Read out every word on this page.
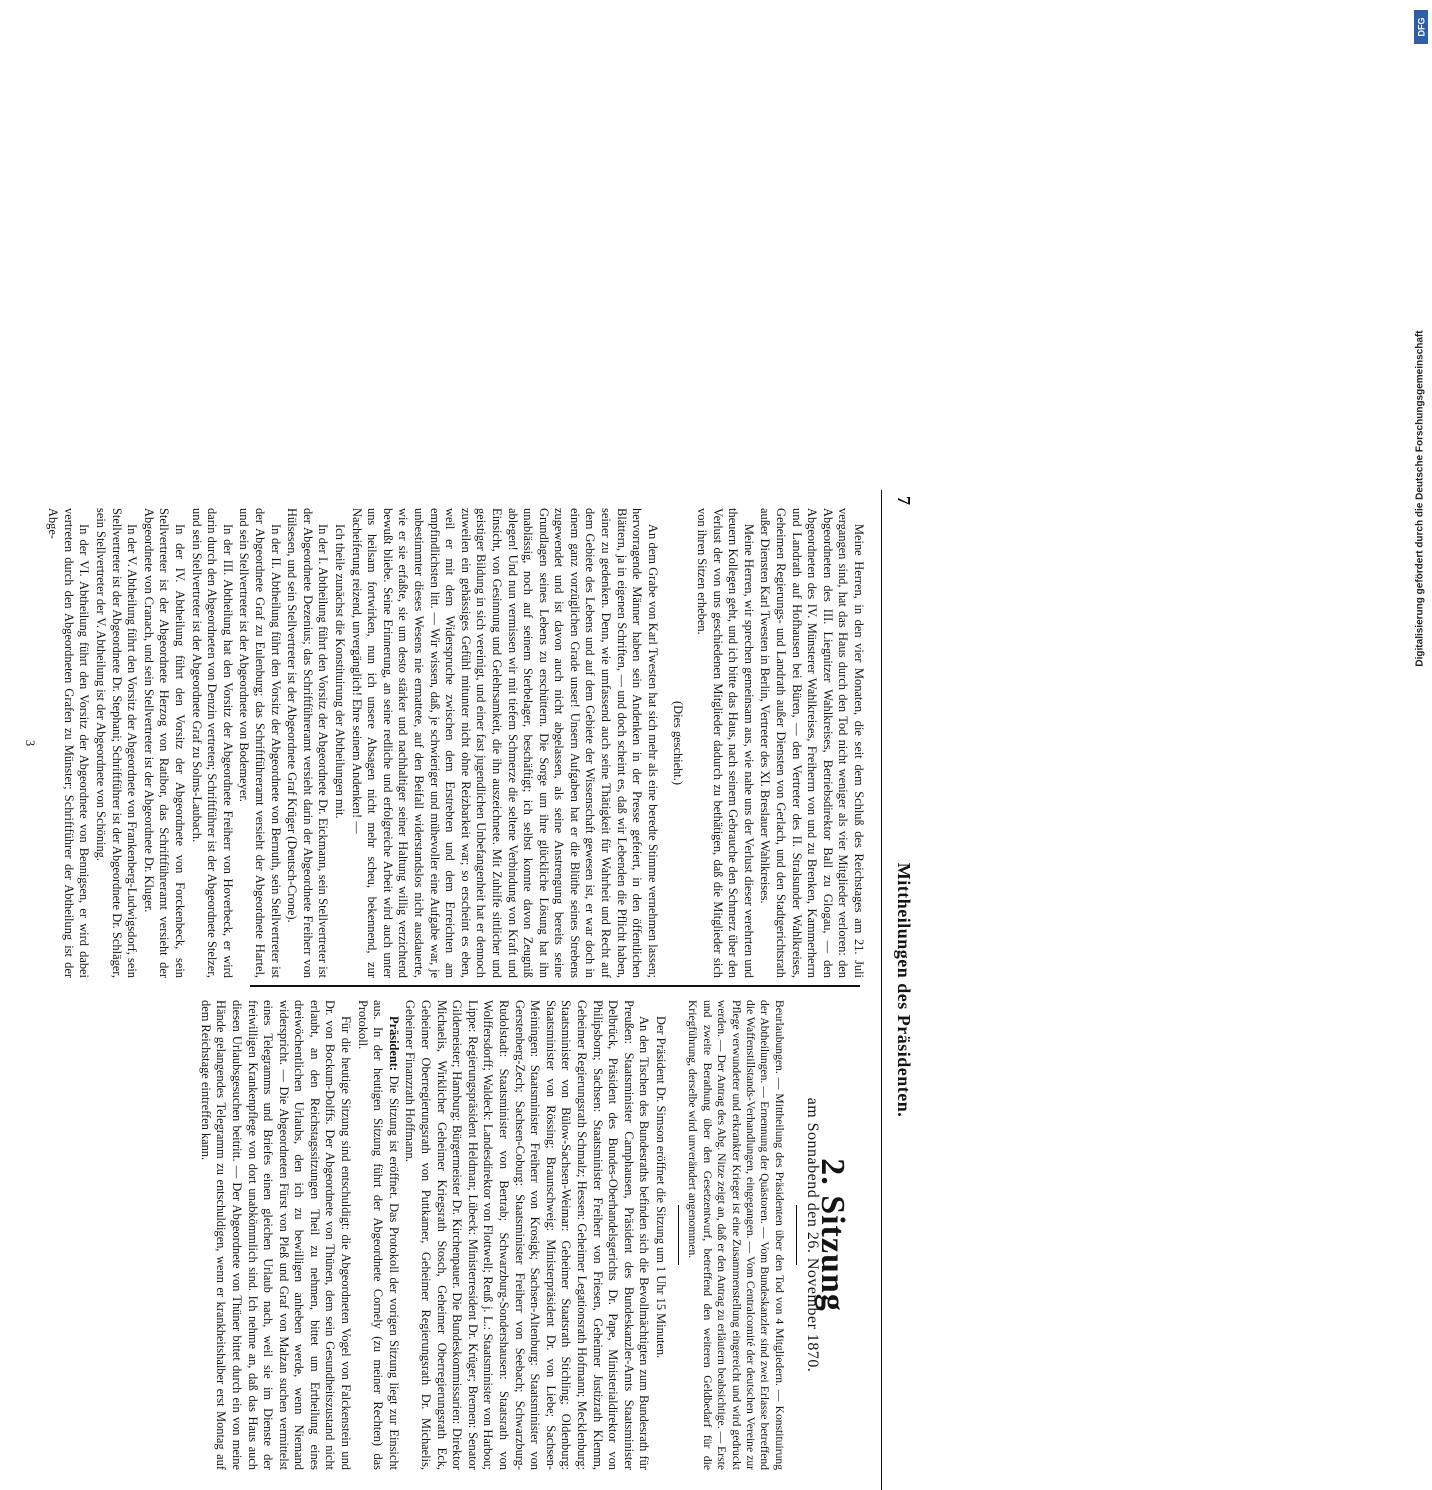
Digitalisierung gefördert durch die Deutsche Forschungsgemeinschaft
DFG
7
Mittheilungen des Präsidenten.

Meine Herren, in den vier Monaten, die seit dem Schluß des Reichstages am 21. Juli vergangen sind, hat das Haus durch den Tod nicht weniger als vier Mitglieder verloren: den Abgeordneten des III. Liegnitzer Wahlkreises, Betriebsdirektor Ball zu Glogau, — den Abgeordneten des IV. Münsterer Wahlkreises, Freiherrn von und zu Brenken, Kammerherrn und Landrath auf Hofhausen bei Büren, — den Vertreter des II. Stralsunder Wahlkreises, Geheimen Regierungs- und Landrath außer Diensten von Gerlach, und den Stadtgerichtsrath außer Diensten Karl Twesten in Berlin, Vertreter des XI. Breslauer Wahlkreises.

Meine Herren, wir sprechen gemeinsam aus, wie nahe uns der Verlust dieser verehrten und theuern Kollegen geht, und ich bitte das Haus, nach seinem Gebrauche den Schmerz über den Verlust der von uns geschiedenen Mitglieder dadurch zu bethätigen, daß die Mitglieder sich von ihren Sitzen erheben.

(Dies geschieht.)

An dem Grabe von Karl Twesten hat sich mehr als eine beredte Stimme vernehmen lassen; hervorragende Männer haben sein Andenken in der Presse gefeiert, in den öffentlichen Blättern, ja in eigenen Schriften, — und doch scheint es, daß wir Lebenden die Pflicht haben, seiner zu gedenken. Denn, wie umfassend auch seine Thätigkeit für Wahrheit und Recht auf dem Gebiete des Lebens und auf dem Gebiete der Wissenschaft gewesen ist, er war doch in einem ganz vorzüglichen Grade unser! Unsern Aufgaben hat er die Blüthe seines Strebens zugewendet und ist davon auch nicht abgelassen, als seine Anstrengung bereits seine Grundlagen seines Lebens zu erschüttern. Die Sorge um ihre glückliche Lösung hat ihn unablässig, noch auf seinem Sterbelager, beschäftigt; ich selbst konnte davon Zeugniß ablegen! Und nun vermissen wir mit tiefem Schmerze die seltene Verbindung von Kraft und Einsicht, von Gesinnung und Gelehrsamkeit, die ihn auszeichnete. Mit Zuhilfe sittlicher und geistiger Bildung in sich vereinigt, und einer fast jugendlichen Unbefangenheit hat er dennoch zuweilen ein gehässiges Gefühl mitunter nicht ohne Reizbarkeit war; so erscheint es eben, weil er mit dem Widerspruche zwischen dem Erstrebten und dem Erreichten am empfindlichsten litt. — Wir wissen, daß, je schwieriger und mühevoller eine Aufgabe war, je unbestimmter dieses Wesens nie ermattete, auf den Beifall widerstandslos nicht ausdauerte, wie er sie erfaßte, sie um desto stärker und nachhaltiger seiner Haltung willig verzichtend bewußt bliebe. Seine Erinnerung, an seine redliche und erfolgreiche Arbeit wird auch unter uns heilsam fortwirken, nun ich unsere Absagen nicht mehr scheu, bekennend, zur Nacheiferung reizend, unvergänglich! Ehre seinem Andenken! —

Ich theile zunächst die Konstituirung der Abtheilungen mit.

In der I. Abtheilung führt den Vorsitz der Abgeordnete Dr. Eickmann, sein Stellvertreter ist der Abgeordnete Dezenius; das Schriftführeramt versieht darin der Abgeordnete Freiherr von Hülsesen, und sein Stellvertreter ist der Abgeordnete Graf Krüger (Deutsch-Crone).

In der II. Abtheilung führt den Vorsitz der Abgeordnete von Bernuth, sein Stellvertreter ist der Abgeordnete Graf zu Eulenburg; das Schriftführeramt versieht der Abgeordnete Hartel, und sein Stellvertreter ist der Abgeordnete von Bodemeyer.

In der III. Abtheilung hat den Vorsitz der Abgeordnete Freiherr von Hoverbeck, er wird darin durch den Abgeordneten von Denzin vertreten; Schriftführer ist der Abgeordnete Stelzer, und sein Stellvertreter ist der Abgeordnete Graf zu Solms-Laubach.

In der IV. Abtheilung führt den Vorsitz der Abgeordnete von Forckenbeck, sein Stellvertreter ist der Abgeordnete Herzog von Ratibor, das Schriftführeramt versieht der Abgeordnete von Cranach, und sein Stellvertreter ist der Abgeordnete Dr. Kluger.

In der V. Abtheilung führt den Vorsitz der Abgeordnete von Frankenberg-Ludwigsdorf, sein Stellvertreter ist der Abgeordnete Dr. Stephani; Schriftführer ist der Abgeordnete Dr. Schläger, sein Stellvertreter der V. Abtheilung ist der Abgeordnete von Schöning.

In der VI. Abtheilung führt den Vorsitz der Abgeordnete von Bennigsen, er wird dabei vertreten durch den Abgeordneten Grafen zu Münster; Schriftführer der Abtheilung ist der Abge-

3

2. Sitzung
am Sonnabend den 26. November 1870.

Beurlaubungen. — Mittheilung des Präsidenten über den Tod von 4 Mitgliedern. — Konstituirung der Abtheilungen. — Ernennung der Quästoren. — Vom Bundeskanzler sind zwei Erlasse betreffend die Waffenstillstands-Verhandlungen, eingegangen. — Vom Centralcomité der deutschen Vereine zur Pflege verwundeter und erkrankter Krieger ist eine Zusammenstellung eingereicht und wird gedruckt werden. — Der Antrag des Abg. Nitze zeigt an, daß er den Antrag zu erläutern beabsichtige. — Erste und zweite Berathung über den Gesetzentwurf, betreffend den weiteren Geldbedarf für die Kriegführung, derselbe wird unverändert angenommen.

Der Präsident Dr. Simson eröffnet die Sitzung um 1 Uhr 15 Minuten.

An den Tischen des Bundesraths befinden sich die Bevollmächtigten zum Bundesrath für Preußen: Staatsminister Camphausen, Präsident des Bundeskanzler-Amts Staatsminister Delbrück, Präsident des Bundes-Oberhandelsgerichts Dr. Pape, Ministerialdirektor von Philipsborn; Sachsen: Staatsminister Freiherr von Friesen, Geheimer Justizrath Klemm, Geheimer Regierungsrath Schmalz; Hessen: Geheimer Legationsrath Hofmann; Mecklenburg: Staatsminister von Bülow-Sachsen-Weimar: Geheimer Staatsrath Stichling; Oldenburg: Staatsminister von Rössing; Braunschweig: Ministerpräsident Dr. von Liebe; Sachsen-Meiningen: Staatsminister Freiherr von Krosigk; Sachsen-Altenburg: Staatsminister von Gerstenberg-Zech; Sachsen-Coburg: Staatsminister Freiherr von Seebach; Schwarzburg-Rudolstadt: Staatsminister von Bertrab; Schwarzburg-Sondershausen: Staatsrath von Wolffersdorff; Waldeck: Landesdirektor von Flottwell; Reuß j. L.: Staatsminister von Harbou; Lippe: Regierungspräsident Heldman; Lübeck: Ministerresident Dr. Krüger; Bremen: Senator Gildemeister; Hamburg: Bürgermeister Dr. Kirchenpauer. Die Bundeskommissarien: Direktor Michaelis, Wirklicher Geheimer Kriegsrath Stosch, Geheimer Oberregierungsrath Eck, Geheimer Oberregierungsrath von Puttkamer, Geheimer Regierungsrath Dr. Michaelis, Geheimer Finanzrath Hoffmann.

Präsident: Die Sitzung ist eröffnet. Das Protokoll der vorigen Sitzung liegt zur Einsicht aus. In der heutigen Sitzung führt der Abgeordnete Cornely (zu meiner Rechten) das Protokoll.

Für die heutige Sitzung sind entschuldigt: die Abgeordneten Vogel von Falckenstein und Dr. von Bockum-Dolffs. Der Abgeordnete von Thünen, dem sein Gesundheitszustand nicht erlaubt, an den Reichstagssitzungen Theil zu nehmen, bittet um Ertheilung eines dreiwöchentlichen Urlaubs, den ich zu bewilligen anheben werde, wenn Niemand widerspricht. — Die Abgeordneten Fürst von Pleß und Graf von Malzan suchen vermittelst eines Telegramms und Briefes einen gleichen Urlaub nach, weil sie im Dienste der freiwilligen Krankenpflege von dort unabkömmlich sind. Ich nehme an, daß das Haus auch diesen Urlaubsgesuchen beitritt. — Der Abgeordnete von Thüner bittet durch ein von meine Hände gelangendes Telegramm zu entschuldigen, wenn er krankheitshalber erst Montag auf dem Reichstage eintreffen kann.
